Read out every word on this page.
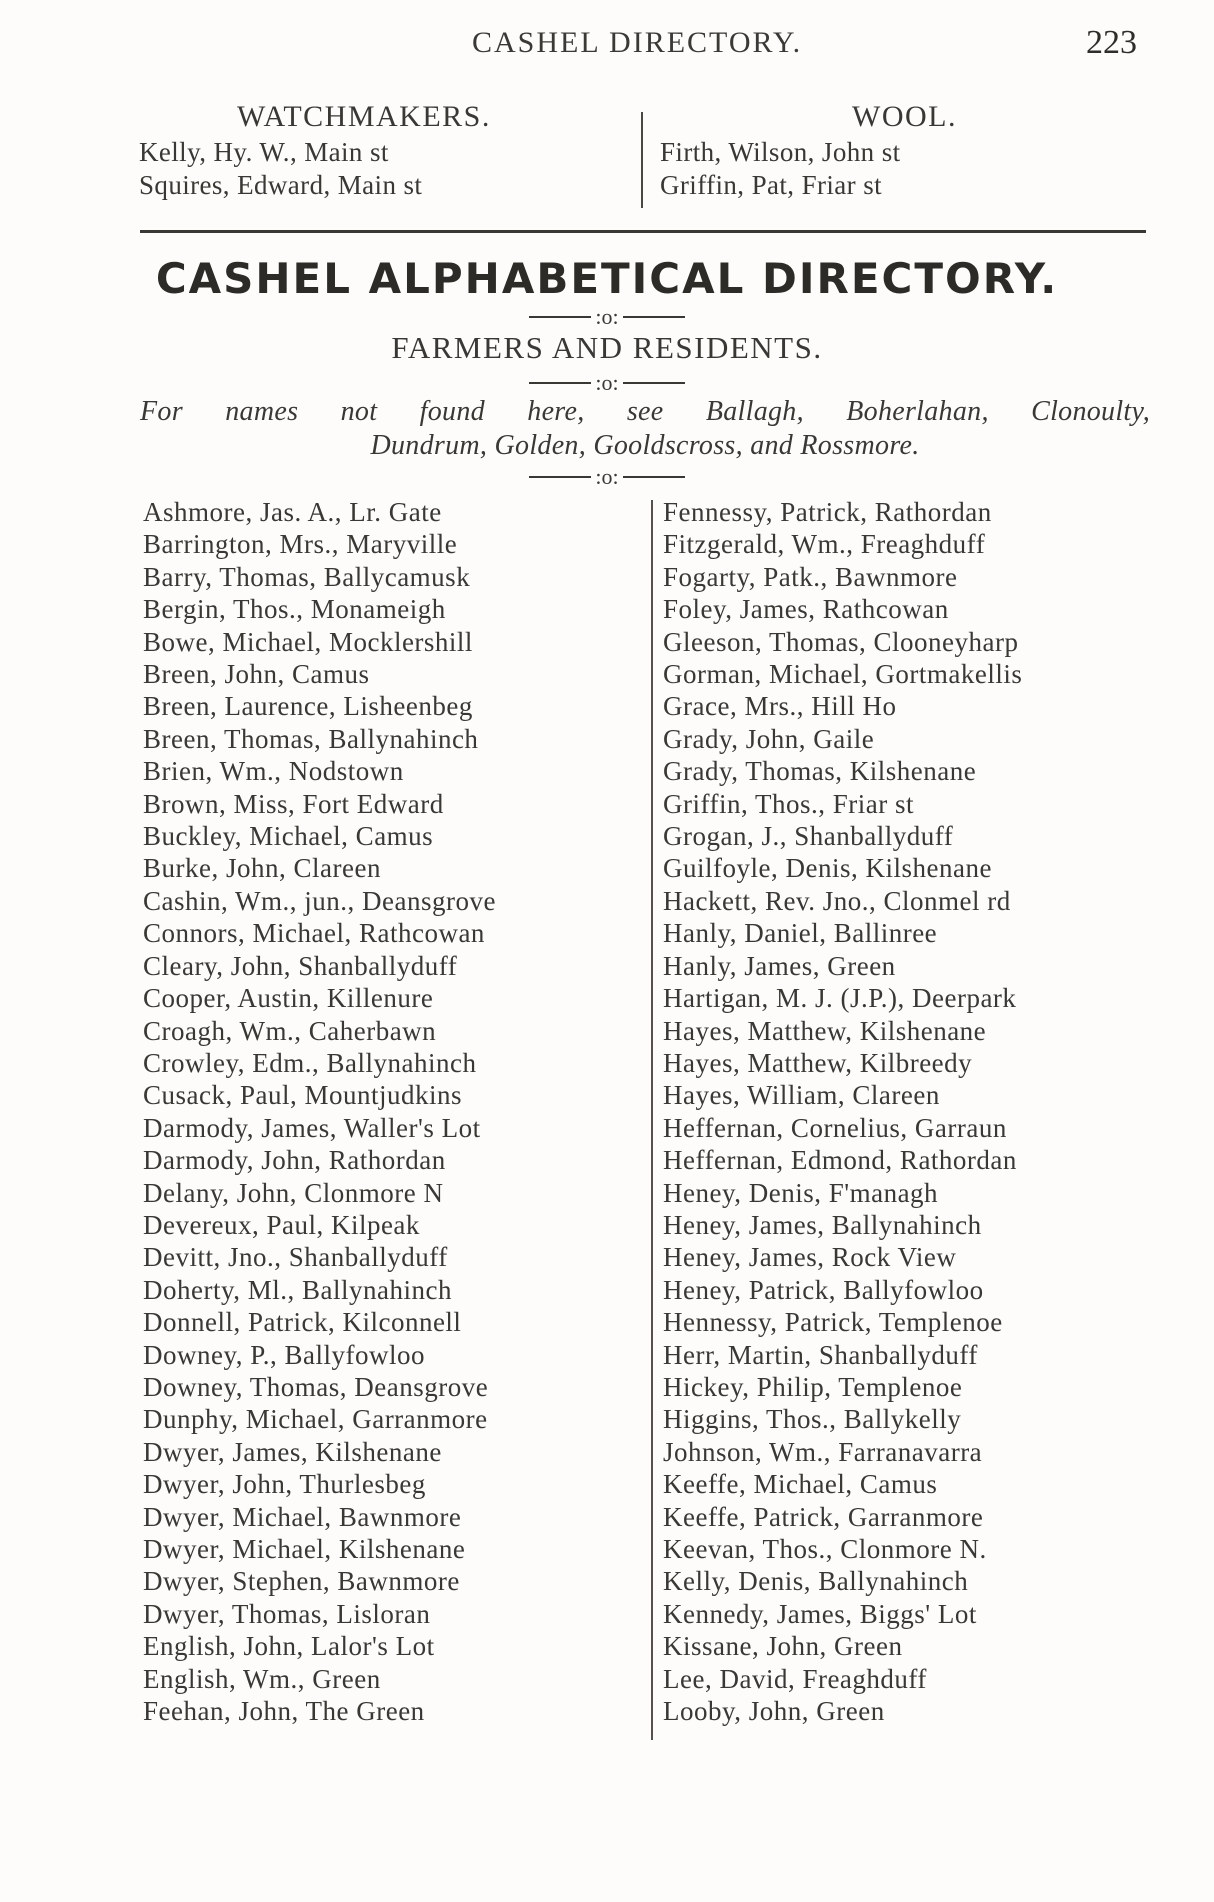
CASHEL DIRECTORY.	223
WATCHMAKERS.
Kelly, Hy. W., Main st
Squires, Edward, Main st
WOOL.
Firth, Wilson, John st
Griffin, Pat, Friar st
CASHEL ALPHABETICAL DIRECTORY.
:o:
FARMERS AND RESIDENTS.
:o:
For names not found here, see Ballagh, Boherlahan, Clonoulty,
Dundrum, Golden, Gooldscross, and Rossmore.
:o:
Ashmore, Jas. A., Lr. Gate
Barrington, Mrs., Maryville
Barry, Thomas, Ballycamusk
Bergin, Thos., Monameigh
Bowe, Michael, Mocklershill
Breen, John, Camus
Breen, Laurence, Lisheenbeg
Breen, Thomas, Ballynahinch
Brien, Wm., Nodstown
Brown, Miss, Fort Edward
Buckley, Michael, Camus
Burke, John, Clareen
Cashin, Wm., jun., Deansgrove
Connors, Michael, Rathcowan
Cleary, John, Shanballyduff
Cooper, Austin, Killenure
Croagh, Wm., Caherbawn
Crowley, Edm., Ballynahinch
Cusack, Paul, Mountjudkins
Darmody, James, Waller's Lot
Darmody, John, Rathordan
Delany, John, Clonmore N
Devereux, Paul, Kilpeak
Devitt, Jno., Shanballyduff
Doherty, Ml., Ballynahinch
Donnell, Patrick, Kilconnell
Downey, P., Ballyfowloo
Downey, Thomas, Deansgrove
Dunphy, Michael, Garranmore
Dwyer, James, Kilshenane
Dwyer, John, Thurlesbeg
Dwyer, Michael, Bawnmore
Dwyer, Michael, Kilshenane
Dwyer, Stephen, Bawnmore
Dwyer, Thomas, Lisloran
English, John, Lalor's Lot
English, Wm., Green
Feehan, John, The Green
Fennessy, Patrick, Rathordan
Fitzgerald, Wm., Freaghduff
Fogarty, Patk., Bawnmore
Foley, James, Rathcowan
Gleeson, Thomas, Clooneyharp
Gorman, Michael, Gortmakellis
Grace, Mrs., Hill Ho
Grady, John, Gaile
Grady, Thomas, Kilshenane
Griffin, Thos., Friar st
Grogan, J., Shanballyduff
Guilfoyle, Denis, Kilshenane
Hackett, Rev. Jno., Clonmel rd
Hanly, Daniel, Ballinree
Hanly, James, Green
Hartigan, M. J. (J.P.), Deerpark
Hayes, Matthew, Kilshenane
Hayes, Matthew, Kilbreedy
Hayes, William, Clareen
Heffernan, Cornelius, Garraun
Heffernan, Edmond, Rathordan
Heney, Denis, F'managh
Heney, James, Ballynahinch
Heney, James, Rock View
Heney, Patrick, Ballyfowloo
Hennessy, Patrick, Templenoe
Herr, Martin, Shanballyduff
Hickey, Philip, Templenoe
Higgins, Thos., Ballykelly
Johnson, Wm., Farranavarra
Keeffe, Michael, Camus
Keeffe, Patrick, Garranmore
Keevan, Thos., Clonmore N.
Kelly, Denis, Ballynahinch
Kennedy, James, Biggs' Lot
Kissane, John, Green
Lee, David, Freaghduff
Looby, John, Green
